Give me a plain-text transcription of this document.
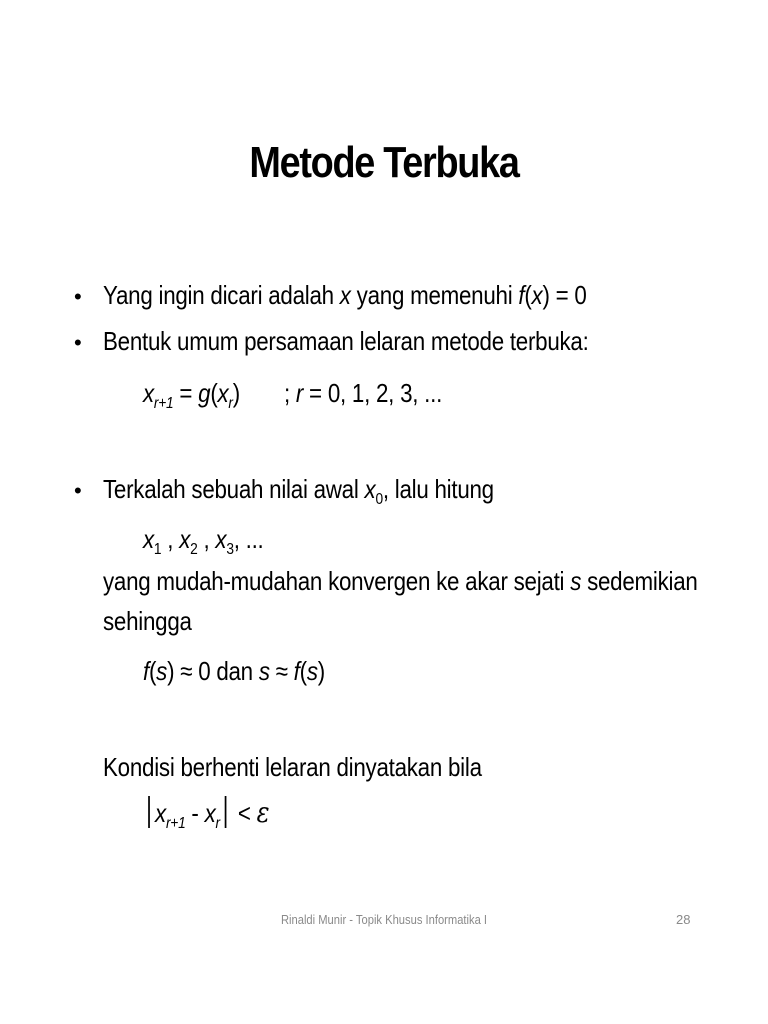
Metode Terbuka
• Yang ingin dicari adalah x yang memenuhi f(x) = 0
• Bentuk umum persamaan lelaran metode terbuka:
$x_{r+1} = g(x_r)$ ; r = 0, 1, 2, 3, ...
• Terkalah sebuah nilai awal $x_0$, lalu hitung
$x_1$ , $x_2$ , $x_3$, ...
yang mudah-mudahan konvergen ke akar sejati s sedemikian
sehingga
f(s) ≈ 0 dan s ≈ f(s)
Kondisi berhenti lelaran dinyatakan bila
$x_{r+1} - x_r < \varepsilon$
Rinaldi Munir - Topik Khusus Informatika I	28
